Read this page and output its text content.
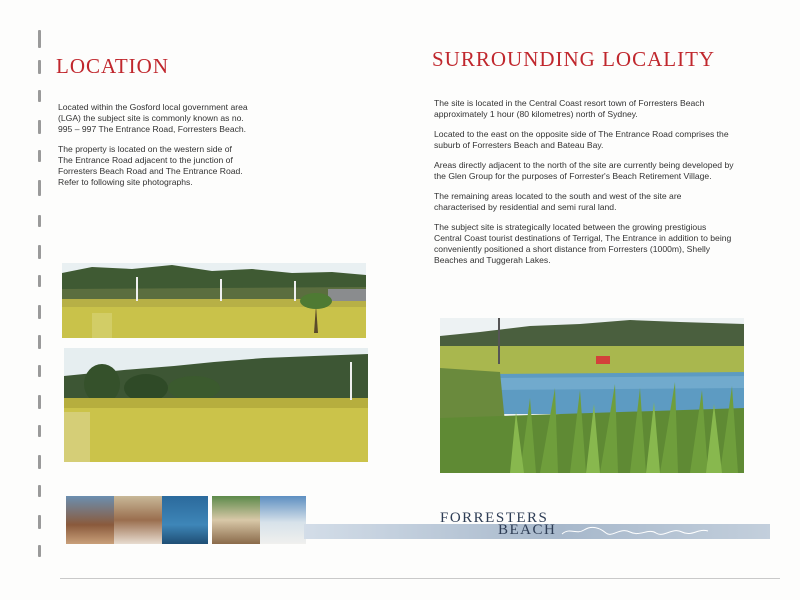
LOCATION	SURROUNDING LOCALITY

Located within the Gosford local government area (LGA) the subject site is commonly known as no. 995 – 997 The Entrance Road, Forresters Beach.

The property is located on the western side of The Entrance Road adjacent to the junction of Forresters Beach Road and The Entrance Road. Refer to following site photographs.

The site is located in the Central Coast resort town of Forresters Beach approximately 1 hour (80 kilometres) north of Sydney.

Located to the east on the opposite side of The Entrance Road comprises the suburb of Forresters Beach and Bateau Bay.

Areas directly adjacent to the north of the site are currently being developed by the Glen Group for the purposes of Forrester's Beach Retirement Village.

The remaining areas located to the south and west of the site are characterised by residential and semi rural land.

The subject site is strategically located between the growing prestigious Central Coast tourist destinations of Terrigal, The Entrance in addition to being conveniently positioned a short distance from Forresters (1000m), Shelly Beaches and Tuggerah Lakes.

FORRESTERS
BEACH
